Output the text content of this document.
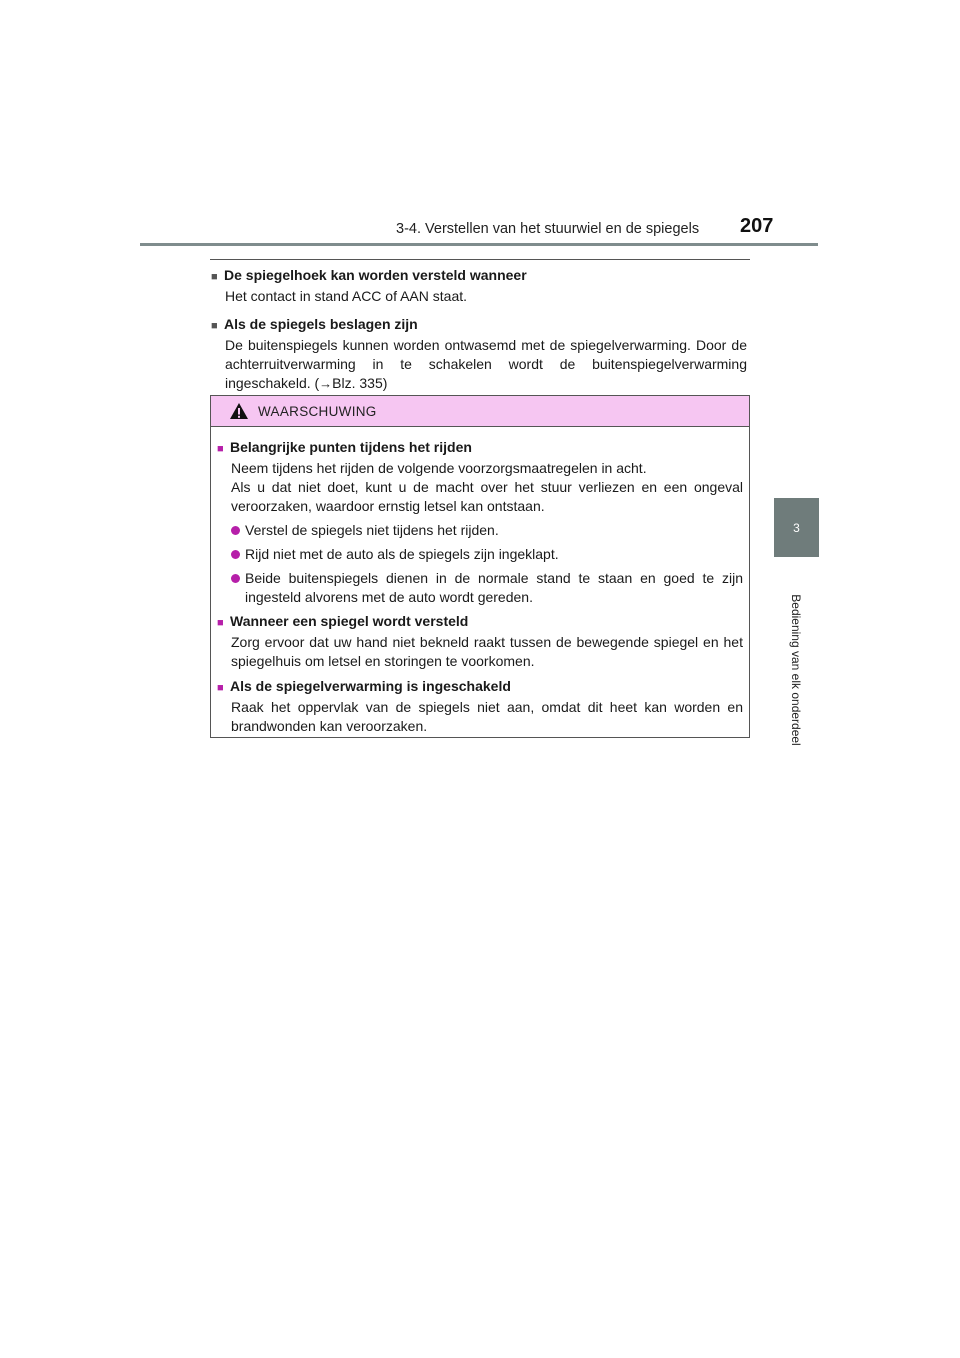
3-4. Verstellen van het stuurwiel en de spiegels 207
3
Bediening van elk onderdeel
■ De spiegelhoek kan worden versteld wanneer
Het contact in stand ACC of AAN staat.
■ Als de spiegels beslagen zijn
De buitenspiegels kunnen worden ontwasemd met de spiegelverwarming. Door de achterruitverwarming in te schakelen wordt de buitenspiegelverwarming ingeschakeld. (→Blz. 335)
WAARSCHUWING
■ Belangrijke punten tijdens het rijden
Neem tijdens het rijden de volgende voorzorgsmaatregelen in acht.
Als u dat niet doet, kunt u de macht over het stuur verliezen en een ongeval veroorzaken, waardoor ernstig letsel kan ontstaan.
Verstel de spiegels niet tijdens het rijden.
Rijd niet met de auto als de spiegels zijn ingeklapt.
Beide buitenspiegels dienen in de normale stand te staan en goed te zijn ingesteld alvorens met de auto wordt gereden.
■ Wanneer een spiegel wordt versteld
Zorg ervoor dat uw hand niet bekneld raakt tussen de bewegende spiegel en het spiegelhuis om letsel en storingen te voorkomen.
■ Als de spiegelverwarming is ingeschakeld
Raak het oppervlak van de spiegels niet aan, omdat dit heet kan worden en brandwonden kan veroorzaken.
